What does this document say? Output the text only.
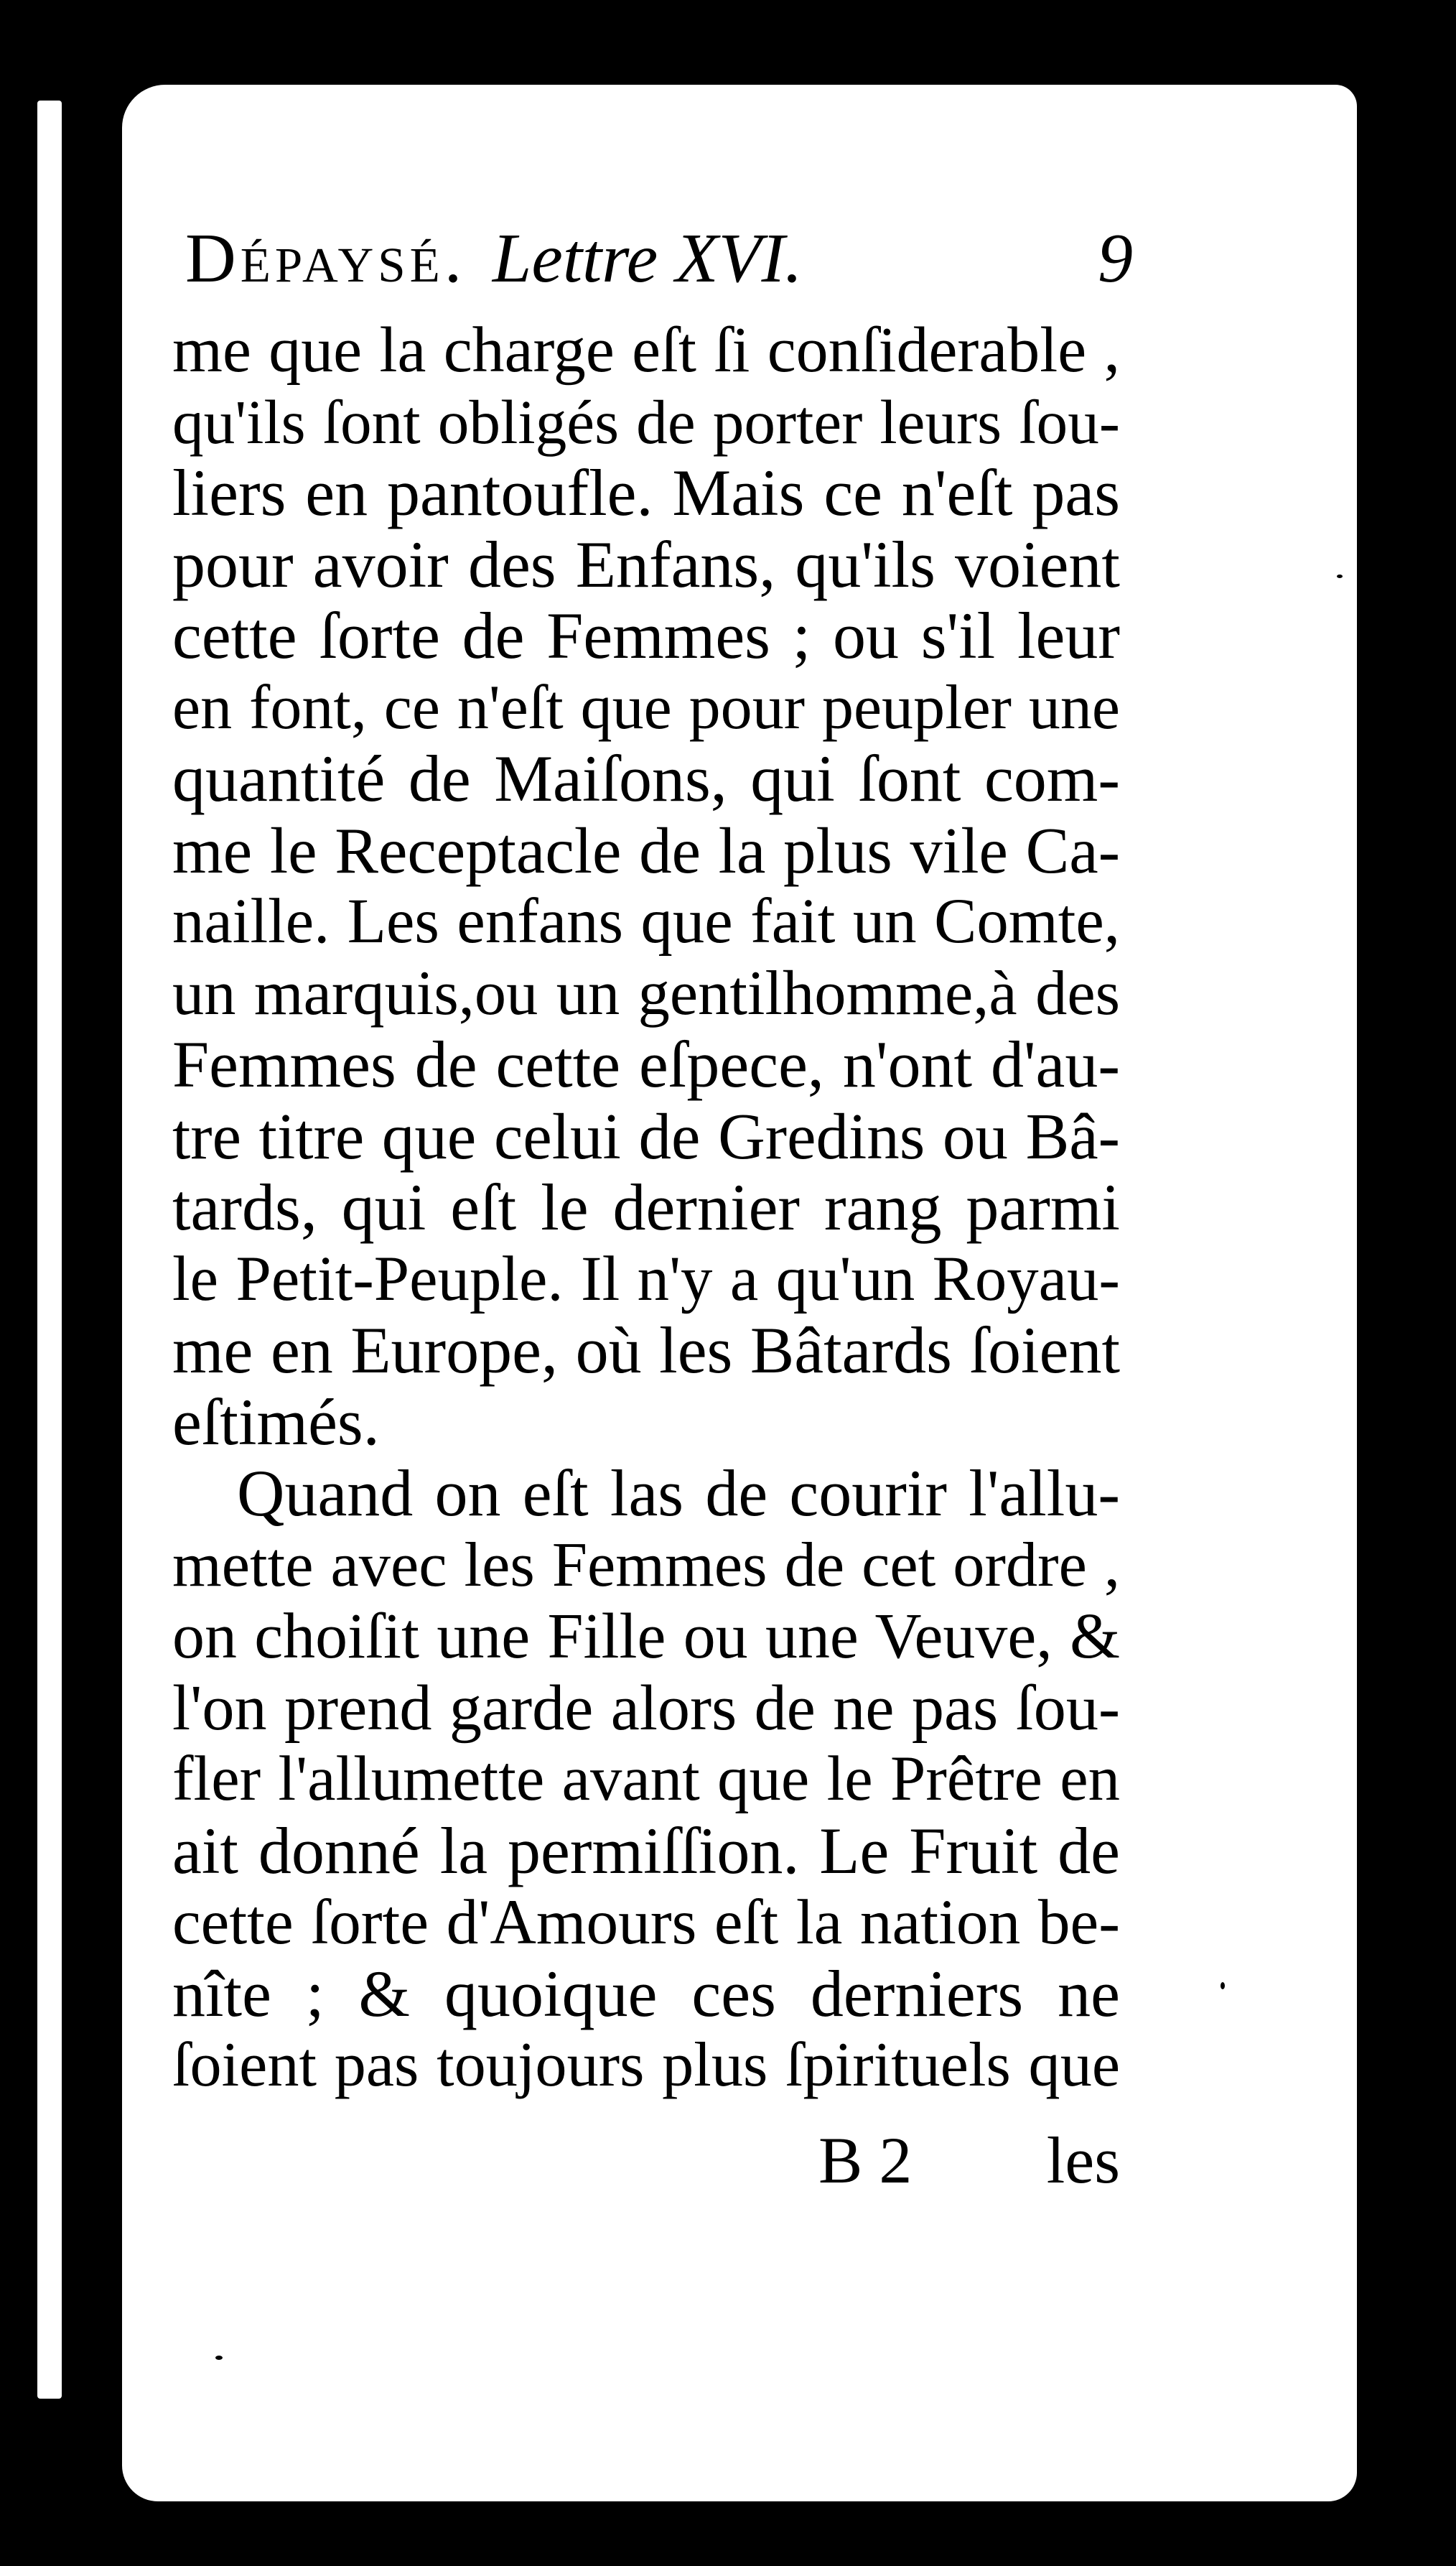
Dépaysé. Lettre XVI.	9
me que la charge eſt ſi conſiderable ,
qu'ils ſont obligés de porter leurs ſou-
liers en pantoufle. Mais ce n'eſt pas
pour avoir des Enfans, qu'ils voient
cette ſorte de Femmes ; ou s'il leur
en font, ce n'eſt que pour peupler une
quantité de Maiſons, qui ſont com-
me le Receptacle de la plus vile Ca-
naille. Les enfans que fait un Comte,
un marquis,ou un gentilhomme,à des
Femmes de cette eſpece, n'ont d'au-
tre titre que celui de Gredins ou Bâ-
tards, qui eſt le dernier rang parmi
le Petit-Peuple. Il n'y a qu'un Royau-
me en Europe, où les Bâtards ſoient
eſtimés.
Quand on eſt las de courir l'allu-
mette avec les Femmes de cet ordre ,
on choiſit une Fille ou une Veuve, &
l'on prend garde alors de ne pas ſou-
fler l'allumette avant que le Prêtre en
ait donné la permiſſion. Le Fruit de
cette ſorte d'Amours eſt la nation be-
nîte ; & quoique ces derniers ne
ſoient pas toujours plus ſpirituels que
B 2 les
